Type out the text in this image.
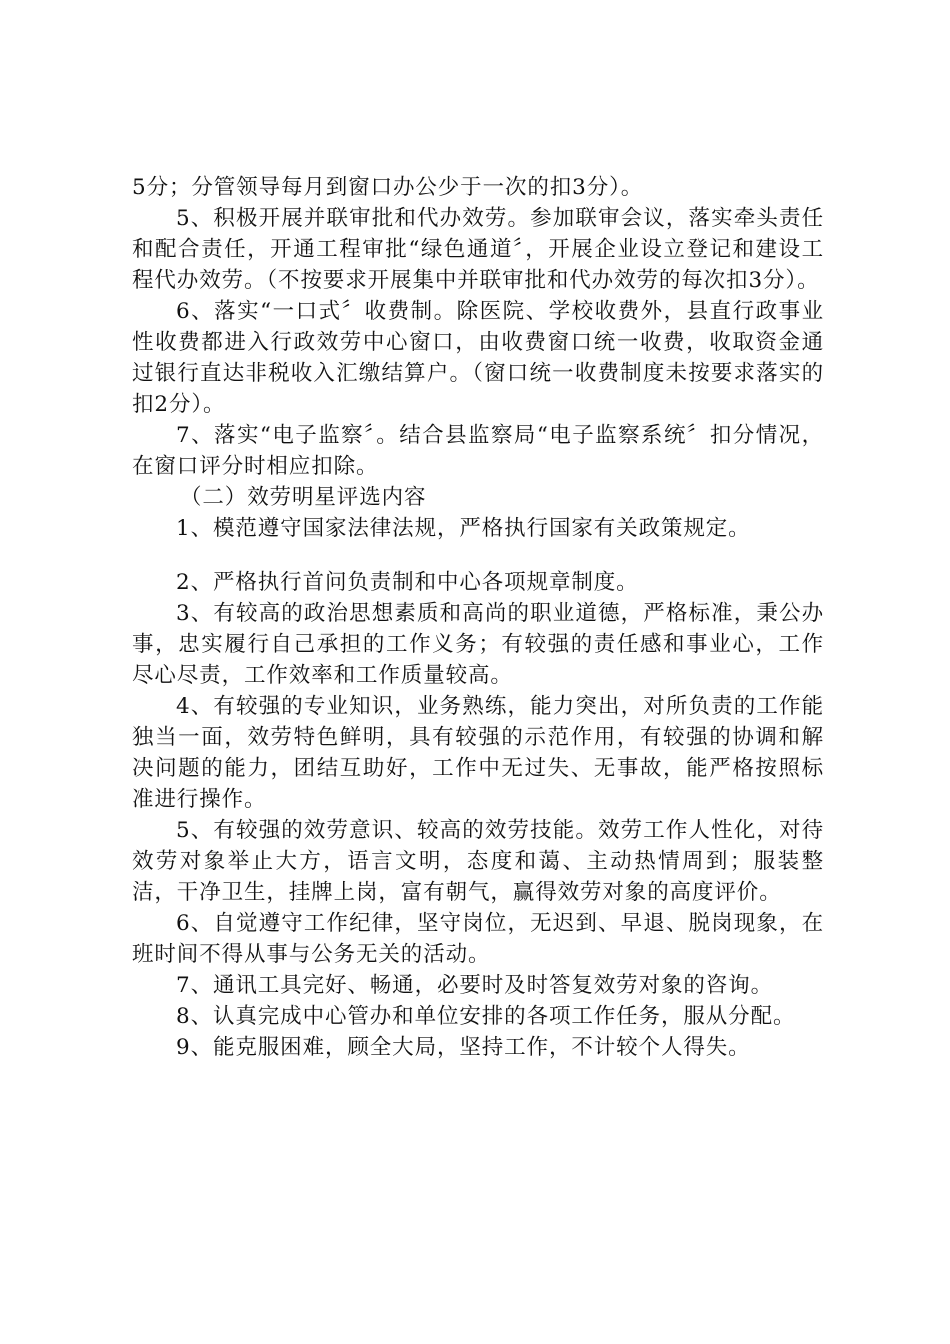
5分；分管领导每月到窗口办公少于一次的扣3分）。

5、积极开展并联审批和代办效劳。参加联审会议，落实牵头责任和配合责任，开通工程审批“绿色通道〞，开展企业设立登记和建设工程代办效劳。（不按要求开展集中并联审批和代办效劳的每次扣3分）。

6、落实“一口式〞收费制。除医院、学校收费外，县直行政事业性收费都进入行政效劳中心窗口，由收费窗口统一收费，收取资金通过银行直达非税收入汇缴结算户。（窗口统一收费制度未按要求落实的扣2分）。

7、落实“电子监察〞。结合县监察局“电子监察系统〞扣分情况，在窗口评分时相应扣除。

（二）效劳明星评选内容

1、模范遵守国家法律法规，严格执行国家有关政策规定。

2、严格执行首问负责制和中心各项规章制度。

3、有较高的政治思想素质和高尚的职业道德，严格标准，秉公办事，忠实履行自己承担的工作义务；有较强的责任感和事业心，工作尽心尽责，工作效率和工作质量较高。

4、有较强的专业知识，业务熟练，能力突出，对所负责的工作能独当一面，效劳特色鲜明，具有较强的示范作用，有较强的协调和解决问题的能力，团结互助好，工作中无过失、无事故，能严格按照标准进行操作。

5、有较强的效劳意识、较高的效劳技能。效劳工作人性化，对待效劳对象举止大方，语言文明，态度和蔼、主动热情周到；服装整洁，干净卫生，挂牌上岗，富有朝气，赢得效劳对象的高度评价。

6、自觉遵守工作纪律，坚守岗位，无迟到、早退、脱岗现象，在班时间不得从事与公务无关的活动。

7、通讯工具完好、畅通，必要时及时答复效劳对象的咨询。

8、认真完成中心管办和单位安排的各项工作任务，服从分配。

9、能克服困难，顾全大局，坚持工作，不计较个人得失。
